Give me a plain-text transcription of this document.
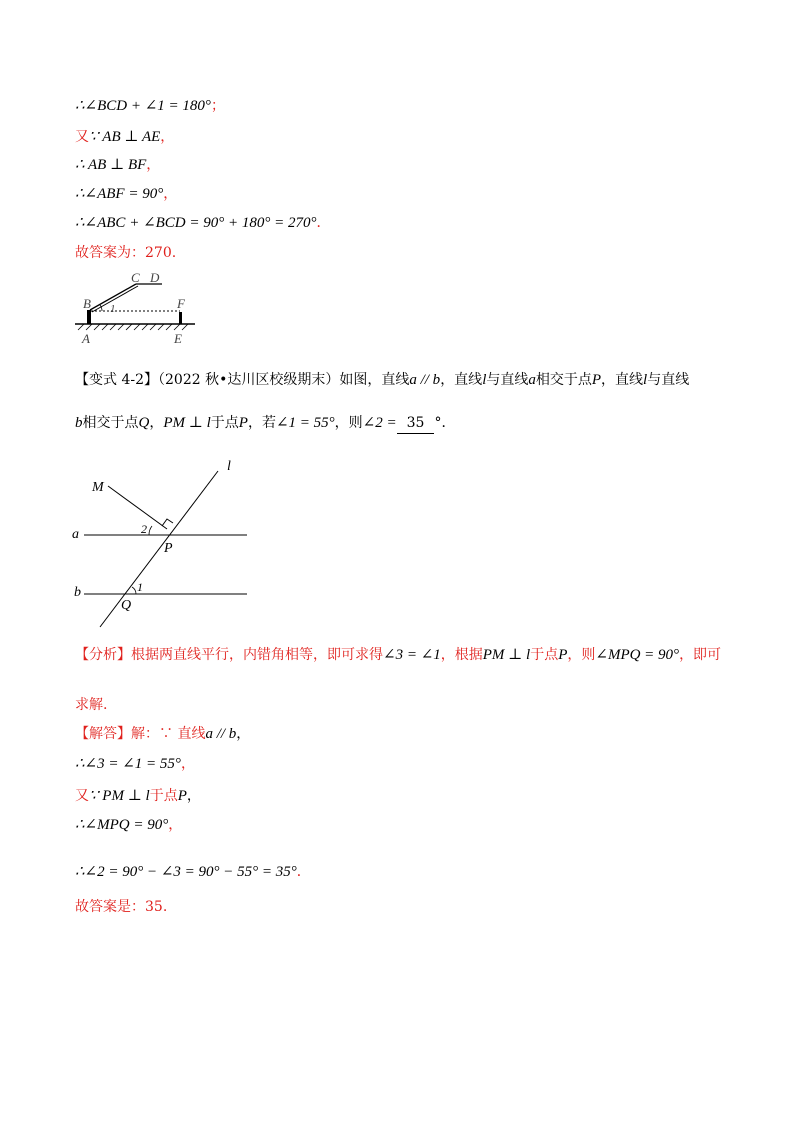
∴∠BCD + ∠1 = 180°；
又∵ AB ⊥ AE，
∴ AB ⊥ BF，
∴∠ABF = 90°，
∴∠ABC + ∠BCD = 90° + 180° = 270°．
故答案为：270.
B
C D
F
A	E
1
【变式 4-2】（2022 秋•达川区校级期末）如图，直线a // b，直线l与直线a相交于点P，直线l与直线
b相交于点Q，PM ⊥ l于点P，若∠1 = 55°，则∠2 = 35 °．
l
M
a	2
P
b	1
Q
【分析】根据两直线平行，内错角相等，即可求得∠3 = ∠1，根据PM ⊥ l于点P，则∠MPQ = 90°，即可
求解.
【解答】解：∵ 直线a // b，
∴∠3 = ∠1 = 55°，
又∵ PM ⊥ l于点P，
∴∠MPQ = 90°，
∴∠2 = 90° − ∠3 = 90° − 55° = 35°．
故答案是：35.
